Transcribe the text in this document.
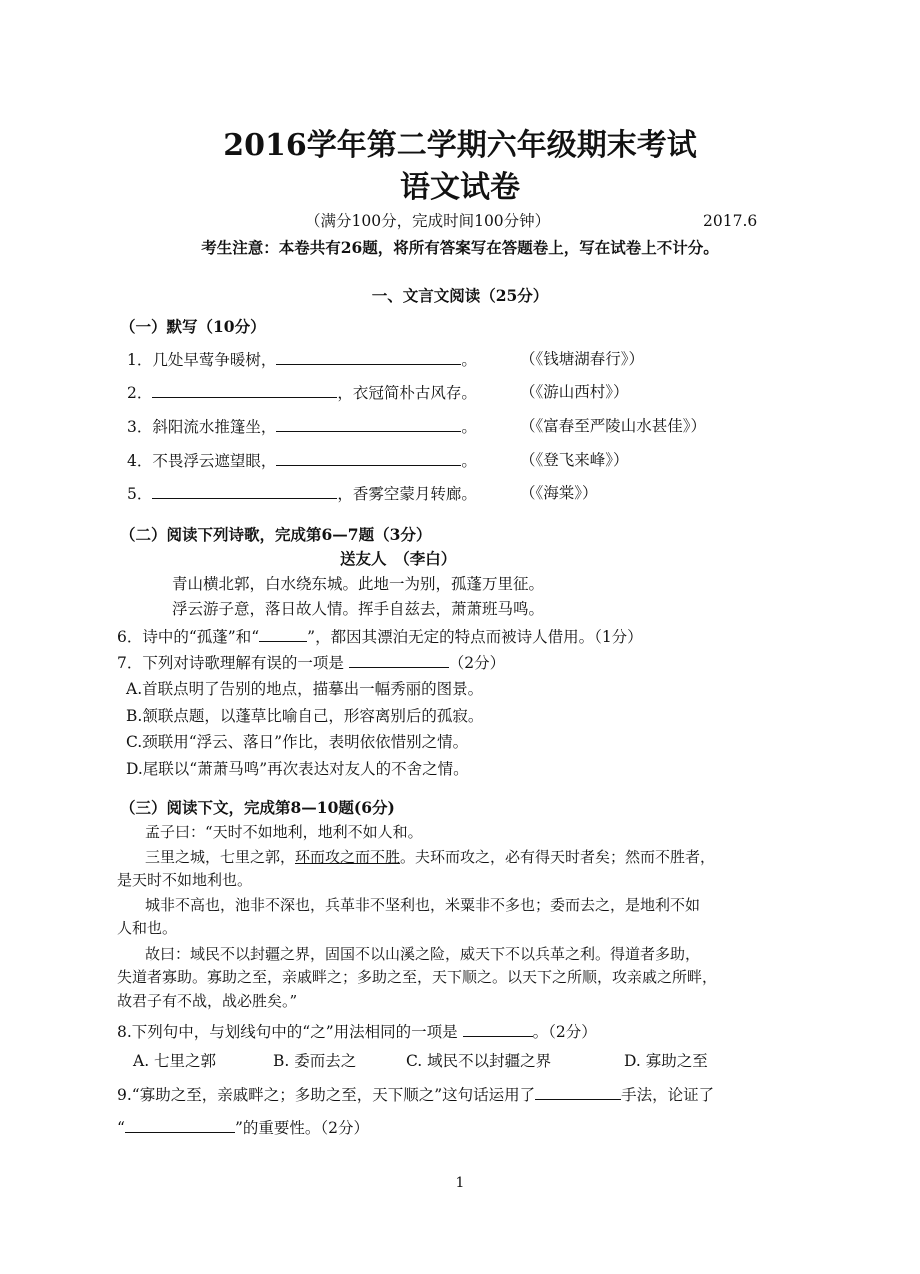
2016学年第二学期六年级期末考试
语文试卷
（满分100分，完成时间100分钟）	2017.6
考生注意：本卷共有26题，将所有答案写在答题卷上，写在试卷上不计分。
一、文言文阅读（25分）
（一）默写（10分）
1．几处早莺争暖树，	。	（《钱塘湖春行》）
2．	，衣冠简朴古风存。	（《游山西村》）
3．斜阳流水推篷坐，	。	（《富春至严陵山水甚佳》）
4．不畏浮云遮望眼，	。	（《登飞来峰》）
5．	，香雾空蒙月转廊。	（《海棠》）
（二）阅读下列诗歌，完成第6—7题（3分）
送友人　（李白）
青山横北郭，白水绕东城。此地一为别，孤蓬万里征。
浮云游子意，落日故人情。挥手自兹去，萧萧班马鸣。
6．诗中的“孤蓬”和“	”，都因其漂泊无定的特点而被诗人借用。（1分）
7．下列对诗歌理解有误的一项是	（2分）
A.首联点明了告别的地点，描摹出一幅秀丽的图景。
B.颔联点题，以蓬草比喻自己，形容离别后的孤寂。
C.颈联用“浮云、落日”作比，表明依依惜别之情。
D.尾联以“萧萧马鸣”再次表达对友人的不舍之情。
（三）阅读下文，完成第8—10题(6分)
孟子曰：“天时不如地利，地利不如人和。
三里之城，七里之郭，环而攻之而不胜。夫环而攻之，必有得天时者矣；然而不胜者，
是天时不如地利也。
城非不高也，池非不深也，兵革非不坚利也，米粟非不多也；委而去之，是地利不如
人和也。
故曰：域民不以封疆之界，固国不以山溪之险，威天下不以兵革之利。得道者多助，
失道者寡助。寡助之至，亲戚畔之；多助之至，天下顺之。以天下之所顺，攻亲戚之所畔，
故君子有不战，战必胜矣。”
8.下列句中，与划线句中的“之”用法相同的一项是	。（2分）
A. 七里之郭	B. 委而去之	C. 域民不以封疆之界	D. 寡助之至
9.“寡助之至，亲戚畔之；多助之至，天下顺之”这句话运用了	手法，论证了
“	”的重要性。（2分）
1
